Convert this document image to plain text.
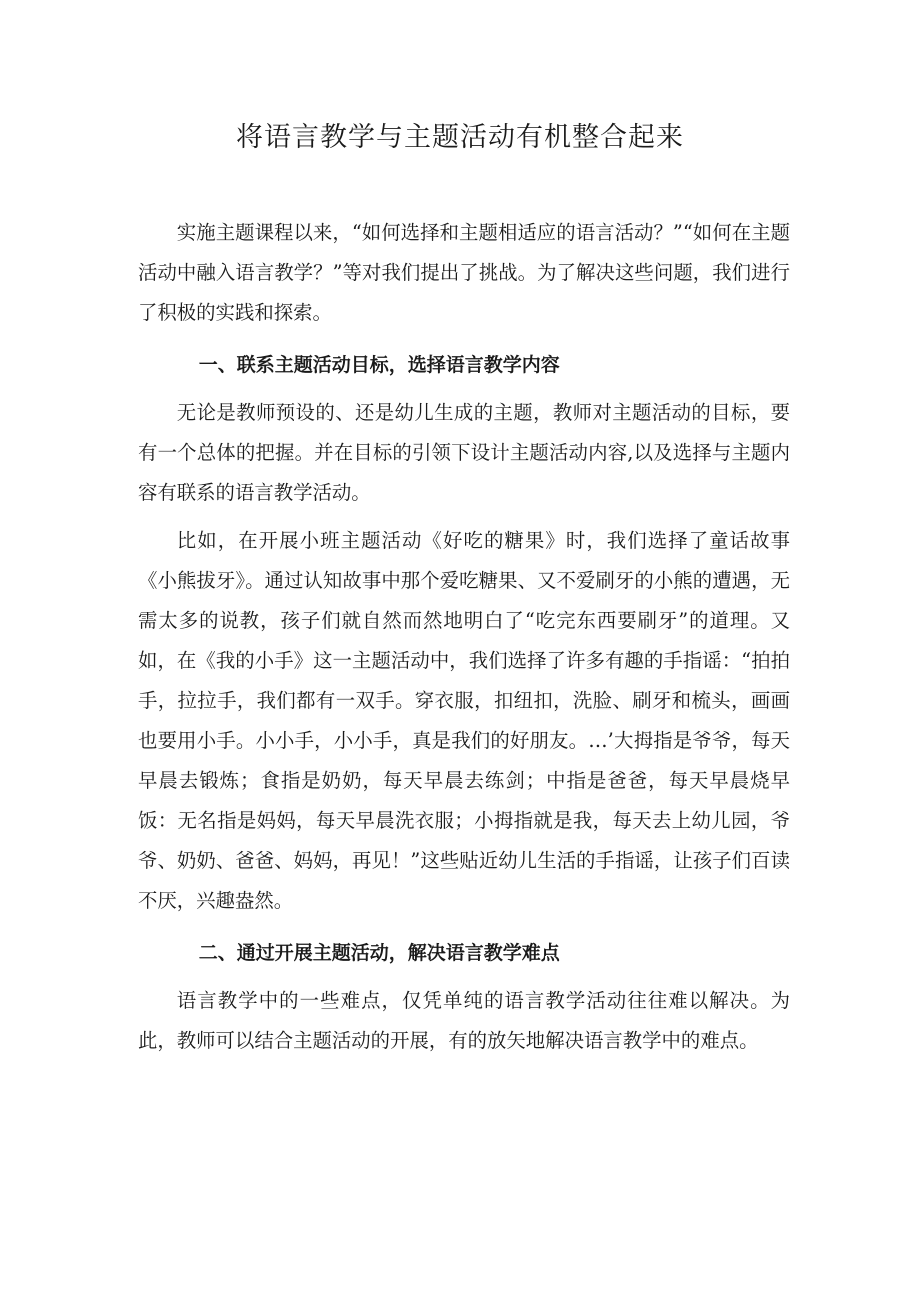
将语言教学与主题活动有机整合起来

实施主题课程以来，“如何选择和主题相适应的语言活动？”“如何在主题活动中融入语言教学？”等对我们提出了挑战。为了解决这些问题，我们进行了积极的实践和探索。

一、联系主题活动目标，选择语言教学内容

无论是教师预设的、还是幼儿生成的主题，教师对主题活动的目标，要有一个总体的把握。并在目标的引领下设计主题活动内容,以及选择与主题内容有联系的语言教学活动。

比如，在开展小班主题活动《好吃的糖果》时，我们选择了童话故事《小熊拔牙》。通过认知故事中那个爱吃糖果、又不爱刷牙的小熊的遭遇，无需太多的说教，孩子们就自然而然地明白了“吃完东西要刷牙”的道理。又如，在《我的小手》这一主题活动中，我们选择了许多有趣的手指谣：“拍拍手，拉拉手，我们都有一双手。穿衣服，扣纽扣，洗脸、刷牙和梳头，画画也要用小手。小小手，小小手，真是我们的好朋友。…’大拇指是爷爷，每天早晨去锻炼；食指是奶奶，每天早晨去练剑；中指是爸爸，每天早晨烧早饭：无名指是妈妈，每天早晨洗衣服；小拇指就是我，每天去上幼儿园，爷爷、奶奶、爸爸、妈妈，再见！”这些贴近幼儿生活的手指谣，让孩子们百读不厌，兴趣盎然。

二、通过开展主题活动，解决语言教学难点

语言教学中的一些难点，仅凭单纯的语言教学活动往往难以解决。为此，教师可以结合主题活动的开展，有的放矢地解决语言教学中的难点。
